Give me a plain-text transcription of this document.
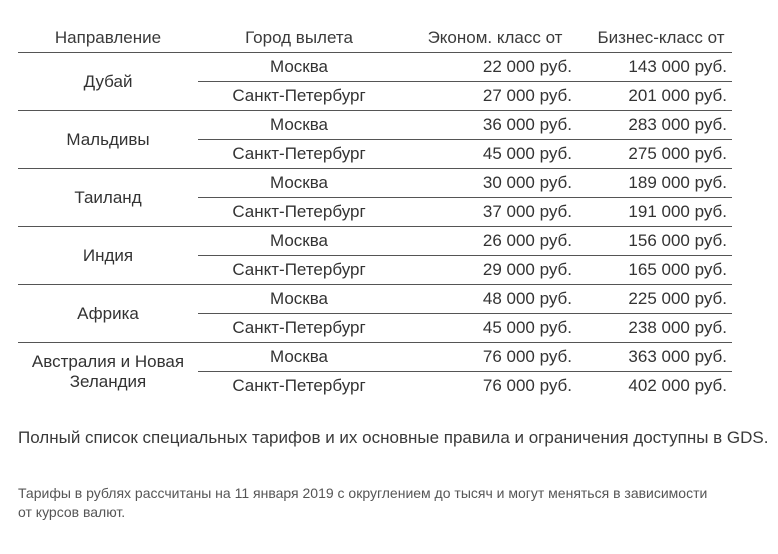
Направление	Город вылета	Эконом. класс от	Бизнес-класс от
Дубай	Москва	22 000 руб.	143 000 руб.
	Санкт-Петербург	27 000 руб.	201 000 руб.
Мальдивы	Москва	36 000 руб.	283 000 руб.
	Санкт-Петербург	45 000 руб.	275 000 руб.
Таиланд	Москва	30 000 руб.	189 000 руб.
	Санкт-Петербург	37 000 руб.	191 000 руб.
Индия	Москва	26 000 руб.	156 000 руб.
	Санкт-Петербург	29 000 руб.	165 000 руб.
Африка	Москва	48 000 руб.	225 000 руб.
	Санкт-Петербург	45 000 руб.	238 000 руб.
Австралия и Новая Зеландия	Москва	76 000 руб.	363 000 руб.
	Санкт-Петербург	76 000 руб.	402 000 руб.

Полный список специальных тарифов и их основные правила и ограничения доступны в GDS.

Тарифы в рублях рассчитаны на 11 января 2019 с округлением до тысяч и могут меняться в зависимости от курсов валют.
